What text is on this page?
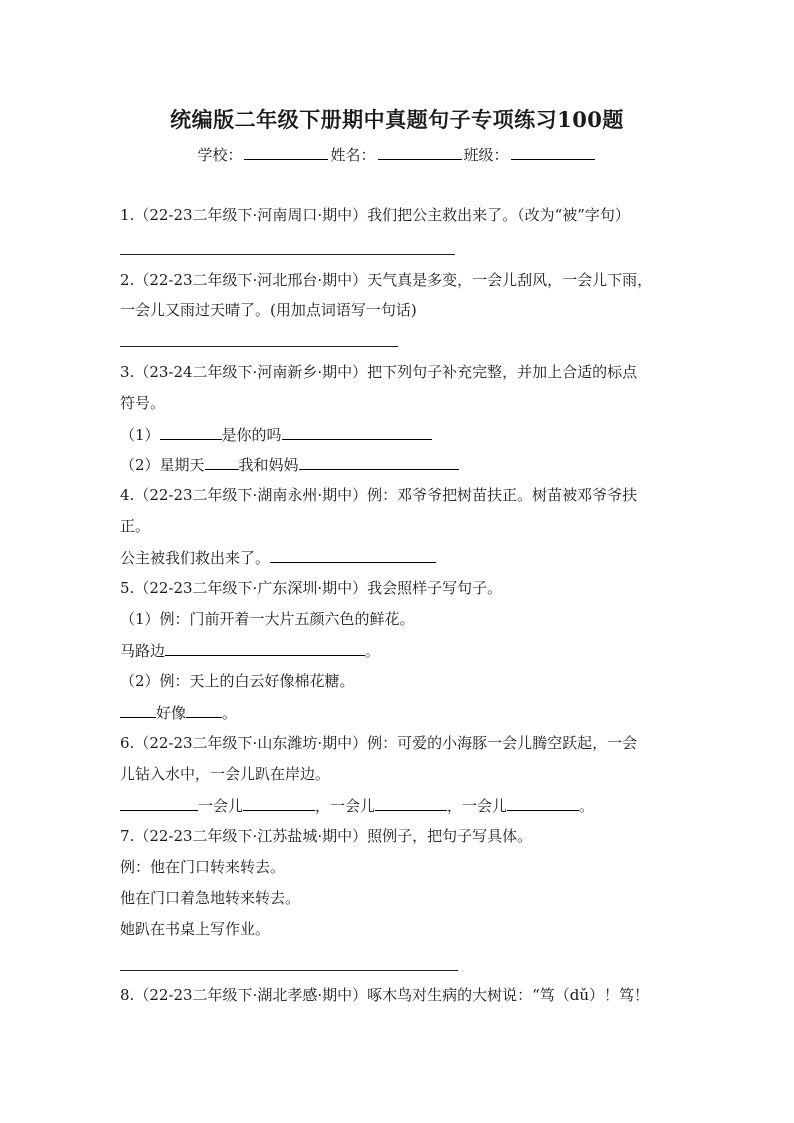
统编版二年级下册期中真题句子专项练习100题
学校：	姓名：	班级：
1.（22-23二年级下·河南周口·期中）我们把公主救出来了。（改为“被”字句）
2.（22-23二年级下·河北邢台·期中）天气真是多变，一会儿刮风，一会儿下雨，
一会儿又雨过天晴了。(用加点词语写一句话)
3.（23-24二年级下·河南新乡·期中）把下列句子补充完整，并加上合适的标点
符号。
（1）	是你的吗
（2）星期天 我和妈妈
4.（22-23二年级下·湖南永州·期中）例：邓爷爷把树苗扶正。树苗被邓爷爷扶
正。
公主被我们救出来了。
5.（22-23二年级下·广东深圳·期中）我会照样子写句子。
（1）例：门前开着一大片五颜六色的鲜花。
马路边	。
（2）例：天上的白云好像棉花糖。
好像 。
6.（22-23二年级下·山东潍坊·期中）例：可爱的小海豚一会儿腾空跃起，一会
儿钻入水中，一会儿趴在岸边。
一会儿	，一会儿	，一会儿	。
7.（22-23二年级下·江苏盐城·期中）照例子，把句子写具体。
例：他在门口转来转去。
他在门口着急地转来转去。
她趴在书桌上写作业。
8.（22-23二年级下·湖北孝感·期中）啄木鸟对生病的大树说：“笃（dǔ）！笃！
